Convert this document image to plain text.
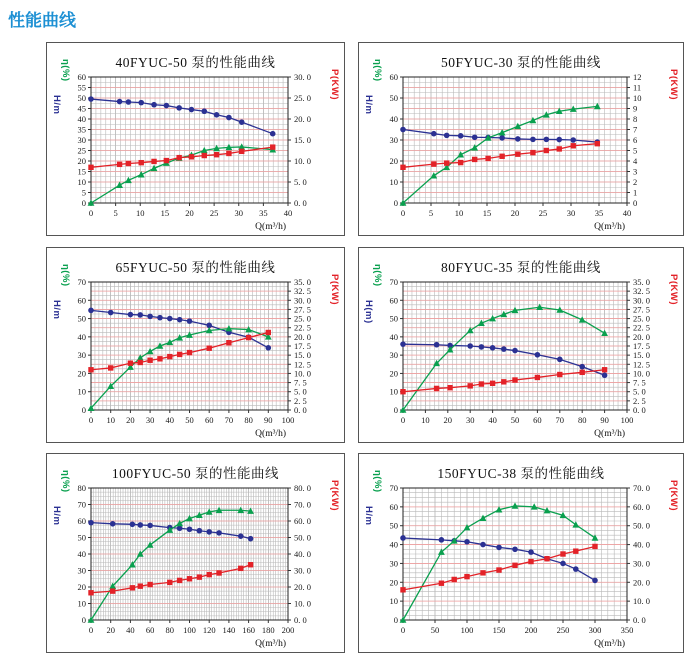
性能曲线
40FYUC-50 泵的性能曲线
η(%)
H/m
P(KW)
Q(m³/h)
0
5
10
15
20
25
30
35
40
45
50
55
60
0. 0
5. 0
10. 0
15. 0
20. 0
25. 0
30. 0
0 5 10 15 20 25 30 35 40
50FYUC-30 泵的性能曲线
η(%)
H/m
P(KW)
Q(m³/h)
0
10
20
30
40
50
60
0
1
2
3
4
5
6
7
8
9
10
11
12
0	5	10 15 20 25 30 35 40
65FYUC-50 泵的性能曲线
η(%)
H/m
P(KW)
Q(m³/h)
0
10
20
30
40
50
60
70
0. 0
2. 5
5. 0
7. 5
10. 0
12. 5
15. 0
17. 5
20. 0
22. 5
25. 0
27. 5
30. 0
32. 5
35. 0
0 10 20 30 40 50 60 70 80 90 100
80FYUC-35 泵的性能曲线
η(%)
H(m)
P(KW)
Q(m³/h)
0
10
20
30
40
50
60
70
0. 0
2. 5
5. 0
7. 5
10. 0
12. 5
15. 0
17. 5
20. 0
22. 5
25. 0
27. 5
30. 0
32. 5
35. 0
0 10 20 30 40 50 60 70 80 90 100
100FYUC-50 泵的性能曲线
η(%)
H/m
P(KW)
Q(m³/h)
0
10
20
30
40
50
60
70
80
0. 0
10. 0
20. 0
30. 0
40. 0
50. 0
60. 0
70. 0
80. 0
0 20 40 60 80 100 120 140 160 180 200
150FYUC-38 泵的性能曲线
η(%)
H/m
P(KW)
Q(m³/h)
0
10
20
30
40
50
60
70
0. 0
10. 0
20. 0
30. 0
40. 0
50. 0
60. 0
70. 0
0	50	100 150 200 250 300 350
